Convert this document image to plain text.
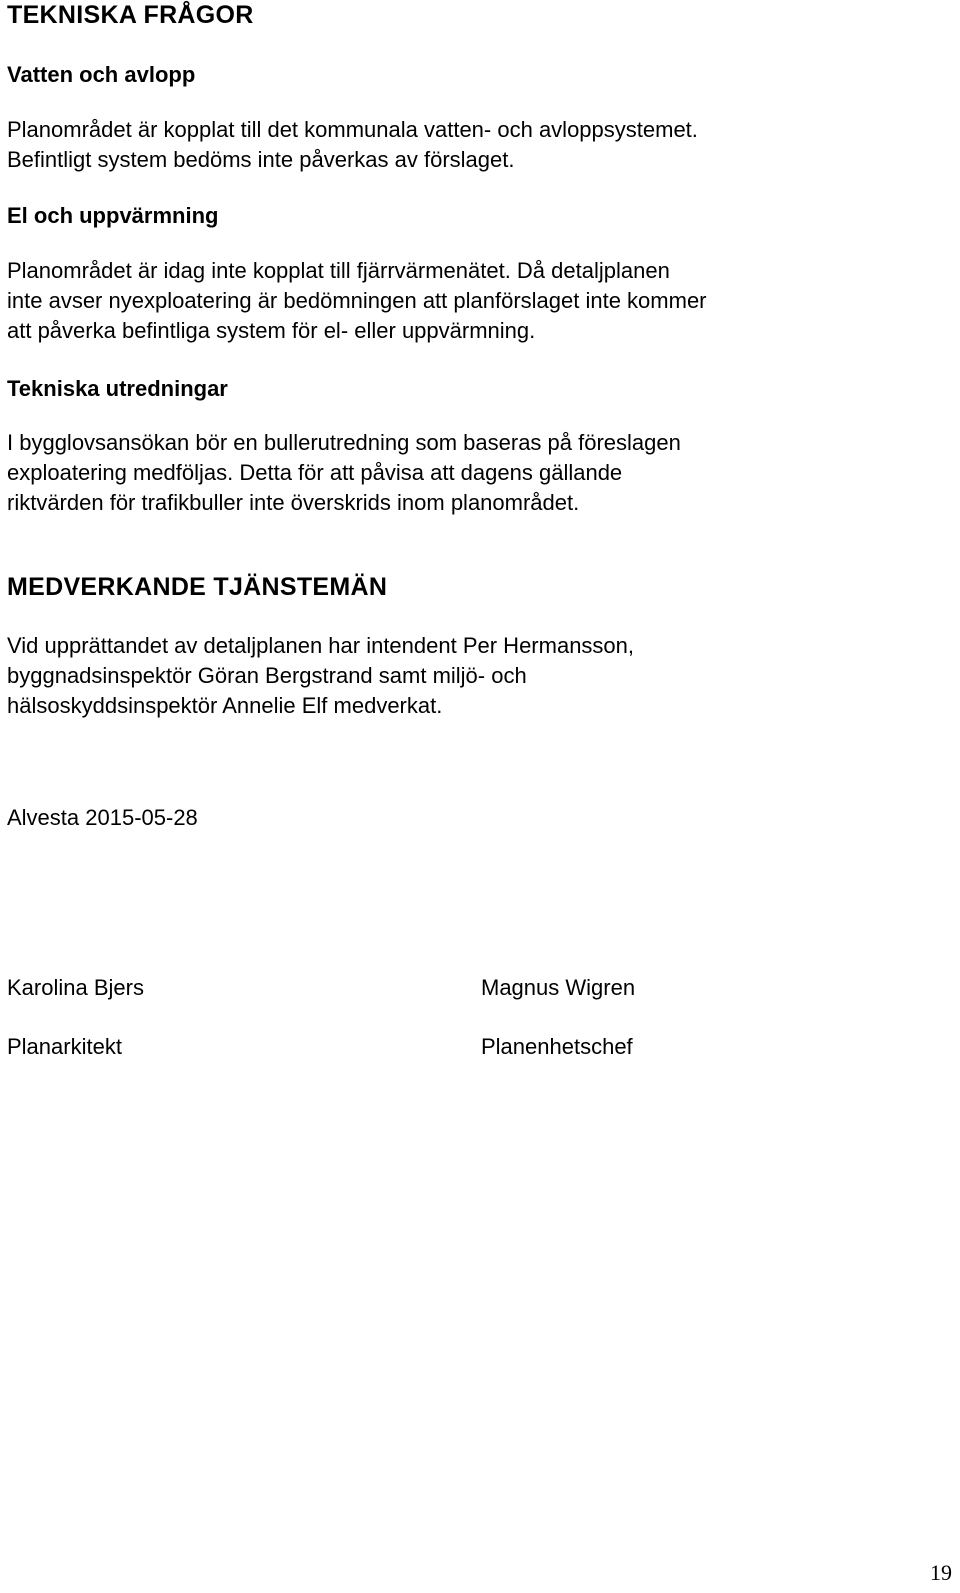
TEKNISKA FRÅGOR
Vatten och avlopp

Planområdet är kopplat till det kommunala vatten- och avloppsystemet.
Befintligt system bedöms inte påverkas av förslaget.

El och uppvärmning

Planområdet är idag inte kopplat till fjärrvärmenätet. Då detaljplanen
inte avser nyexploatering är bedömningen att planförslaget inte kommer
att påverka befintliga system för el- eller uppvärmning.

Tekniska utredningar

I bygglovsansökan bör en bullerutredning som baseras på föreslagen
exploatering medföljas. Detta för att påvisa att dagens gällande
riktvärden för trafikbuller inte överskrids inom planområdet.

MEDVERKANDE TJÄNSTEMÄN

Vid upprättandet av detaljplanen har intendent Per Hermansson,
byggnadsinspektör Göran Bergstrand samt miljö- och
hälsoskyddsinspektör Annelie Elf medverkat.

Alvesta 2015-05-28

Karolina Bjers	Magnus Wigren

Planarkitekt	Planenhetschef

19
